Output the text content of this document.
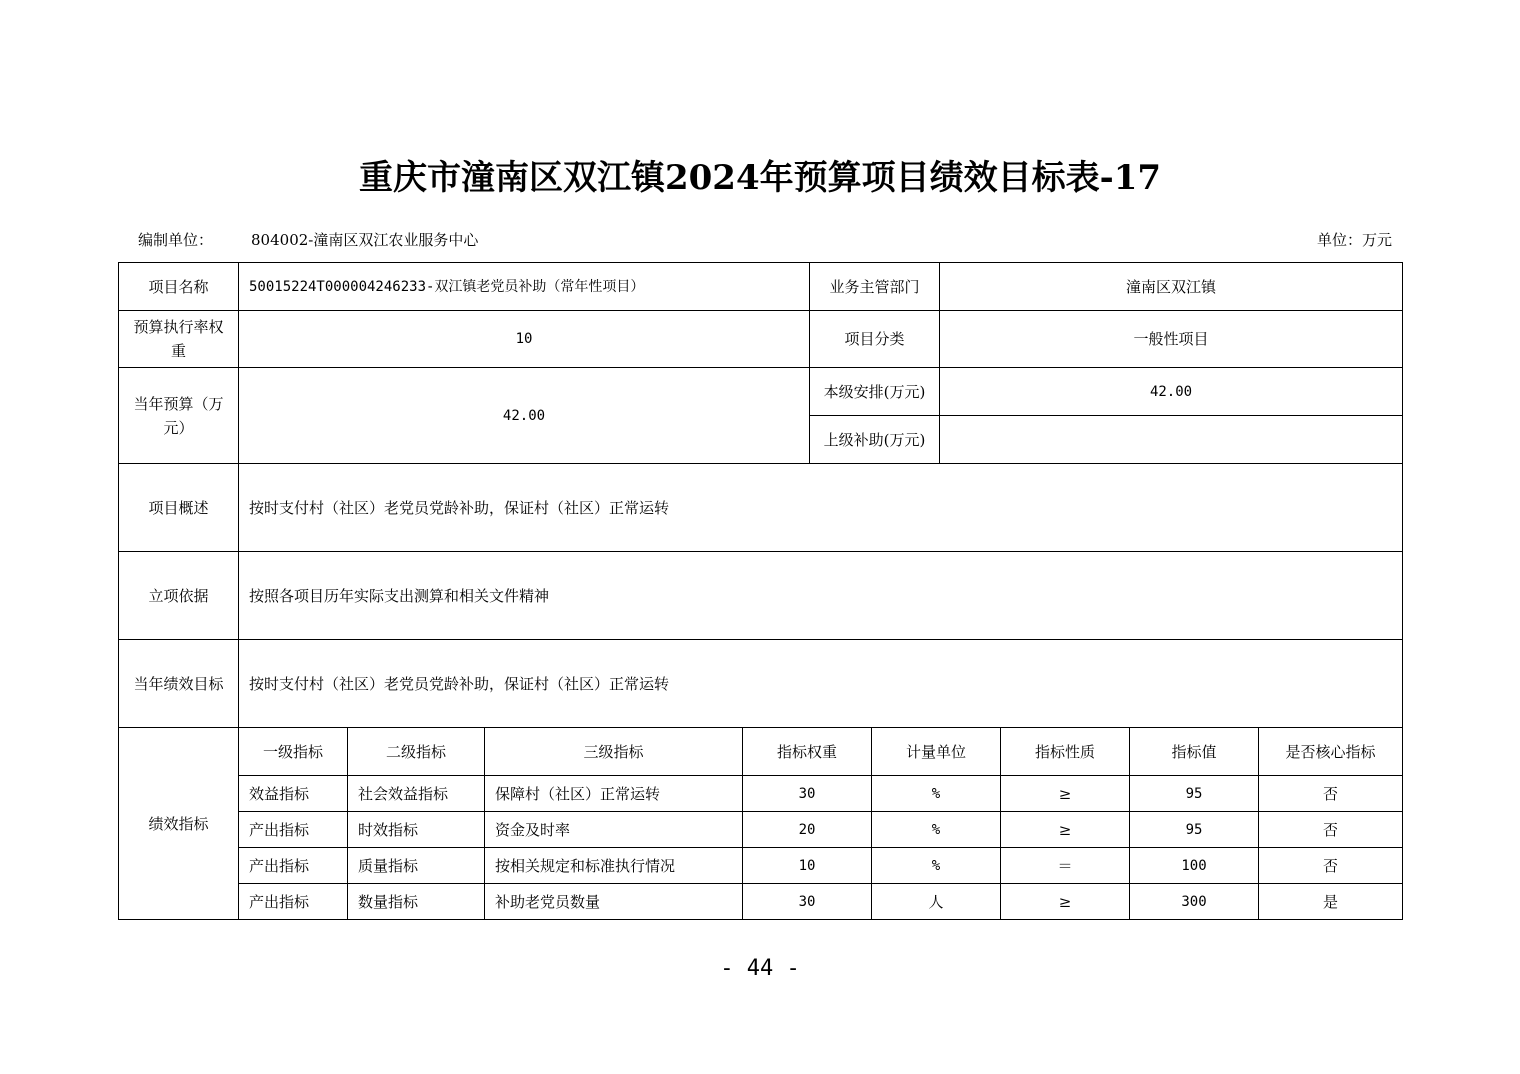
重庆市潼南区双江镇2024年预算项目绩效目标表-17
编制单位：	804002-潼南区双江农业服务中心	单位：万元
项目名称	50015224T000004246233-双江镇老党员补助（常年性项目）				业务主管部门		潼南区双江镇			
预算执行率权重	10				项目分类		一般性项目			
当年预算（万元）	42.00				本级安排(万元)		42.00			
					上级补助(万元)					
项目概述	按时支付村（社区）老党员党龄补助，保证村（社区）正常运转									
立项依据	按照各项目历年实际支出测算和相关文件精神									
当年绩效目标	按时支付村（社区）老党员党龄补助，保证村（社区）正常运转									
绩效指标	一级指标	二级指标	三级指标	指标权重		计量单位		指标性质	指标值	是否核心指标
	效益指标	社会效益指标	保障村（社区）正常运转	30		%		≥	95	否
	产出指标	时效指标	资金及时率	20		%		≥	95	否
	产出指标	质量指标	按相关规定和标准执行情况	10		%		＝	100	否
	产出指标	数量指标	补助老党员数量	30		人		≥	300	是
- 44 -
